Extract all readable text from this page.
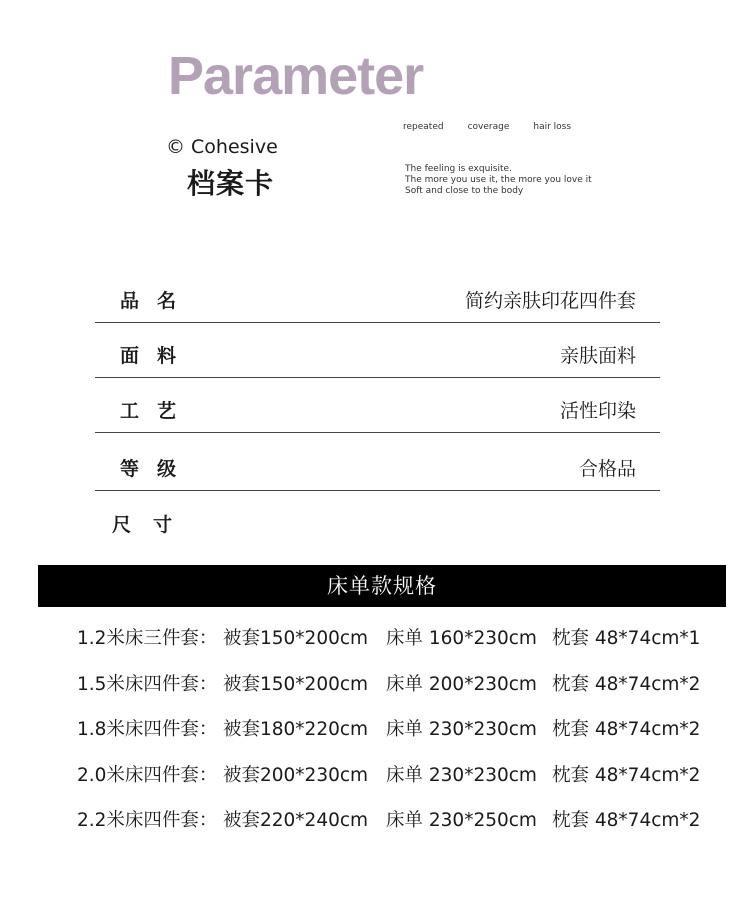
Parameter
© Cohesive
档案卡
repeated	coverage	hair loss
The feeling is exquisite.
The more you use it, the more you love it
Soft and close to the body
品名	简约亲肤印花四件套
面料	亲肤面料
工艺	活性印染
等级	合格品
尺寸
床单款规格
1.2米床三件套： 被套150*200cm 床单 160*230cm 枕套 48*74cm*1
1.5米床四件套： 被套150*200cm 床单 200*230cm 枕套 48*74cm*2
1.8米床四件套： 被套180*220cm 床单 230*230cm 枕套 48*74cm*2
2.0米床四件套： 被套200*230cm 床单 230*230cm 枕套 48*74cm*2
2.2米床四件套： 被套220*240cm 床单 230*250cm 枕套 48*74cm*2
